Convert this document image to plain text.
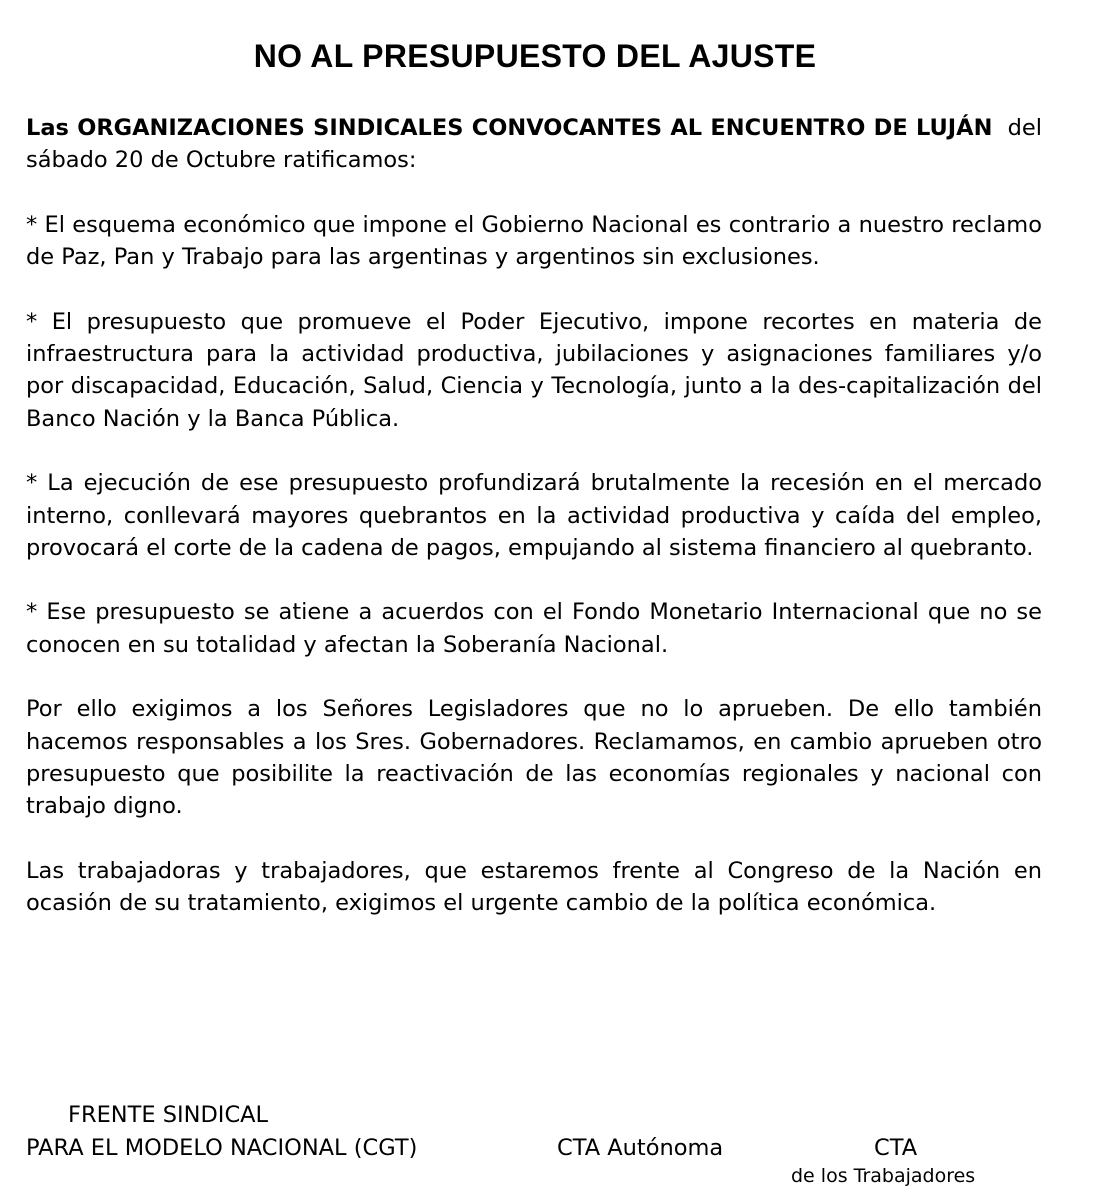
NO AL PRESUPUESTO DEL AJUSTE

Las ORGANIZACIONES SINDICALES CONVOCANTES AL ENCUENTRO DE LUJÁN  del sábado 20 de Octubre ratificamos:

* El esquema económico que impone el Gobierno Nacional es contrario a nuestro reclamo de Paz, Pan y Trabajo para las argentinas y argentinos sin exclusiones.

* El presupuesto que promueve el Poder Ejecutivo, impone recortes en materia de infraestructura para la actividad productiva, jubilaciones y asignaciones familiares y/o por discapacidad, Educación, Salud, Ciencia y Tecnología, junto a la des-capitalización del Banco Nación y la Banca Pública.

* La ejecución de ese presupuesto profundizará brutalmente la recesión en el mercado interno, conllevará mayores quebrantos en la actividad productiva y caída del empleo, provocará el corte de la cadena de pagos, empujando al sistema financiero al quebranto.

* Ese presupuesto se atiene a acuerdos con el Fondo Monetario Internacional que no se conocen en su totalidad y afectan la Soberanía Nacional.

Por ello exigimos a los Señores Legisladores que no lo aprueben. De ello también hacemos responsables a los Sres. Gobernadores. Reclamamos, en cambio aprueben otro presupuesto que posibilite la reactivación de las economías regionales y nacional con trabajo digno.

Las trabajadoras y trabajadores, que estaremos frente al Congreso de la Nación en ocasión de su tratamiento, exigimos el urgente cambio de la política económica.

FRENTE SINDICAL
PARA EL MODELO NACIONAL (CGT)	CTA Autónoma	CTA
de los Trabajadores
